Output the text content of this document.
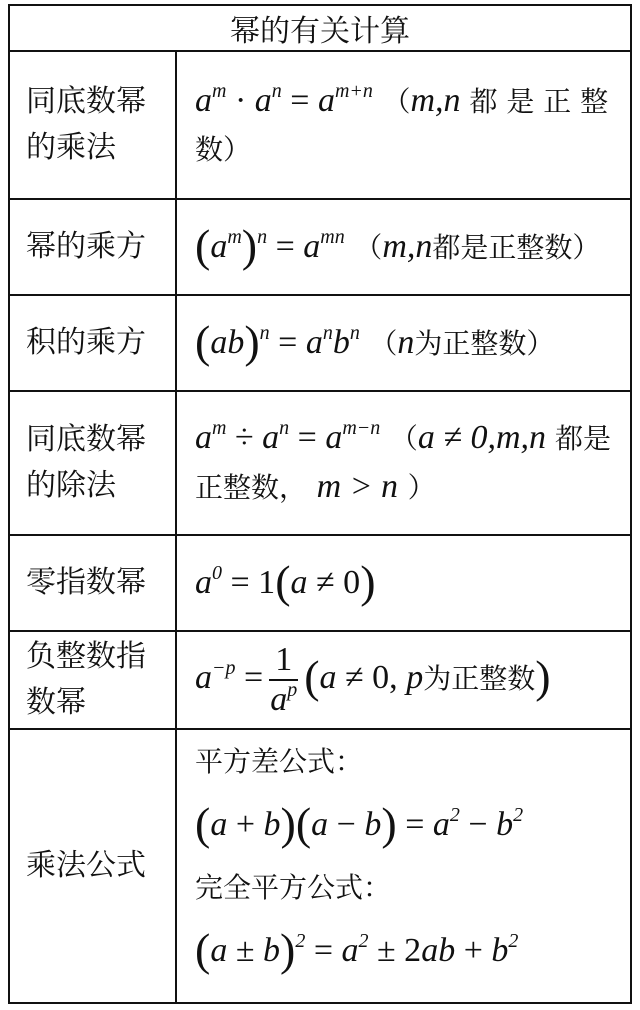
幂的有关计算
同底数幂
的乘法
$a^m \cdot a^n = a^{m+n}$ （m,n 都 是 正 整
数）
幂的乘方 $(a^m)^n = a^{mn}$ （m,n都是正整数）
积的乘方 $(ab)^n = a^nb^n$ （n为正整数）
同底数幂
的除法
$a^m \div a^n = a^{m-n}$ （a ≠ 0,m,n 都是
正整数， m > n ）
零指数幂 $a^0 = 1(a \ne 0)$
负整数指
数幂
$a^{-p} = \frac{1}{a^p} (a \ne 0$, p为正整数)
乘法公式
平方差公式：
$(a + b)(a - b) = a^2 - b^2$
完全平方公式：
$(a \pm b)^2 = a^2 \pm 2ab + b^2$
